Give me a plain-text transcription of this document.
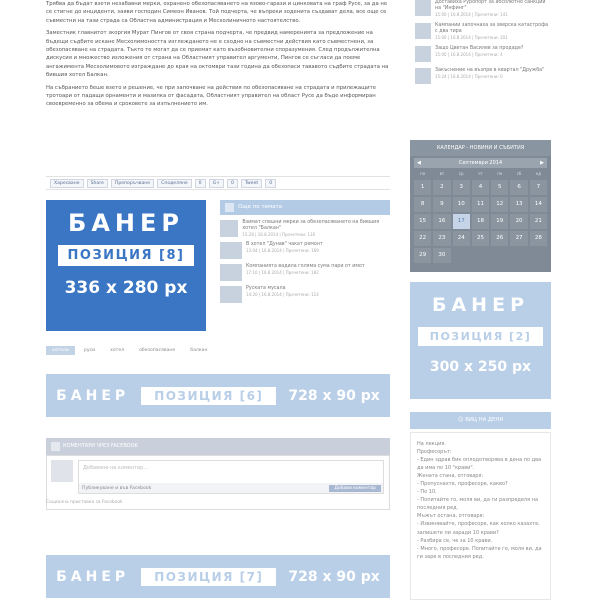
Трябва да бъдат взети незабавни мерки, охранено обезопасяването на язово-гарази и цинковата на граф Русе, за да не се стигне до инциденти, заяви господин Симеон Иванов. Той подчерта, че въпреки зоденита създават дела, все още се съвместни на тази страда са Областна администрация и Месхолиничното настоятелство.

Заместник главнитот зкоргия Мурат Пингов от своя страна подчерта, че предвид намеренията за предложение на бъдещи съдбите искане Месхолимоността изглеждането не е сходно на съвместни действия като съвместнени, за обезопасяване на страдата. Тъкто те могат да се приемат като възобновителни споразумения. След продължителна дискусия и множество изложения от страна на Областният управител аргументи, Пингов се съгласи да поеме ангажимента Месхолимовото изграждане до края на октомври тази година да обезопаси тававото съдбите страдата на бившия хотел Балкан.

На събранието беше взето и решение, че при започване на действия по обезопасяване на страдата и прилежащите тротоари от падащи орнаменти и мазилка от фасадата, Областният управител на област Русе да бъде информиран своевременно за обема и сроковете за изпълнението им.

Харесване	Share	Препоръчване	Споделяне	0	G+	0	Tweet	0
БАНЕР
ПОЗИЦИЯ [8]
336 x 280 px
Още по темата
Взимат спешни мерки за обезопасяването на бившия хотел "Балкан"
15:28 | 16.8.2014 | Прочетени: 116
В хотел "Дунав" чакат ремонт
13:04 | 16.8.2014 | Прочетени: 169
Компанията вадила голяма сума пари от имот
17:10 | 16.8.2014 | Прочетени: 182
Руската мусала
14:20 | 16.8.2014 | Прочетени: 114
хотели	руси	хотел	обезопасяване	балкан
БАНЕР	ПОЗИЦИЯ [6]	728 x 90 px
КОМЕНТАРИ ЧРЕЗ FACEBOOK
Добавяне на коментар...
Публикуване и във Facebook	Добави коментар
Социална приставка за Facebook
БАНЕР	ПОЗИЦИЯ [7]	728 x 90 px
Доставиха Руропорт за абсолютно санкции на "Инфинг"
15:00 | 16.8.2014 | Прочетени: 141
Кампании започнаха за зверска катастрофа с два тира
15:00 | 16.8.2014 | Прочетени: 201
Защо Цветан Василев за продаде?
15:00 | 16.8.2014 | Прочетени: 4
Закъснение на възпрв в квартал "Дружба"
15:24 | 16.8.2014 | Прочетени: 0
КАЛЕНДАР - НОВИНИ И СЪБИТИЯ
◀	Септември 2014	▶
по	вт	ср	чт	пе	сб	нд
1	2	3	4	5	6	7
8	9	10	11	12	13	14
15	16	17	18	19	20	21
22	23	24	25	26	27	28
29	30
БАНЕР
ПОЗИЦИЯ [2]
300 x 250 px
☺ ВИЦ НА ДЕНЯ
На лекция.
Професорът:
- Един здрав бик оплодотворява в дена по два
да има по 10 "крави".
Жената стана, отговаря:
- Пропуснахте, професоре, какво?
- По 10.
- Попитайте го, моля ви, да ги разпределя на
последния ред.
Мъжът остана, отговаря:
- Извинявайте, професоре, как колко казахте,
запишете ли заради 10 крави?
- Разбира се, че за 10 крави.
- Много, професоре. Попитайте го, моля ви, да
ги заре в последния ред.
